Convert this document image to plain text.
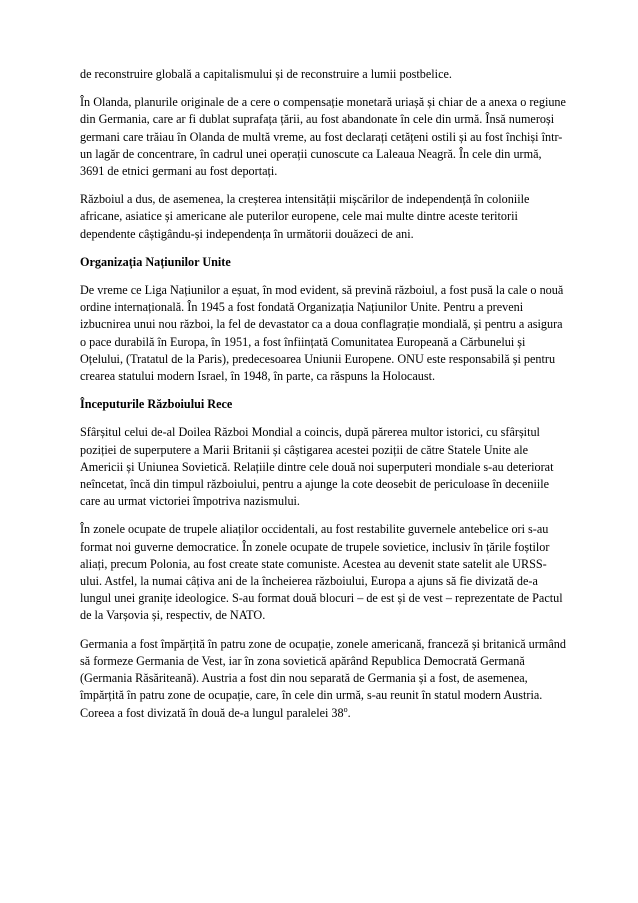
de reconstruire globală a capitalismului și de reconstruire a lumii postbelice.

În Olanda, planurile originale de a cere o compensație monetară uriașă și chiar de a anexa o regiune din Germania, care ar fi dublat suprafața țării, au fost abandonate în cele din urmă. Însă numeroși germani care trăiau în Olanda de multă vreme, au fost declarați cetățeni ostili și au fost închiși într-un lagăr de concentrare, în cadrul unei operații cunoscute ca Laleaua Neagră. În cele din urmă, 3691 de etnici germani au fost deportați.

Războiul a dus, de asemenea, la creșterea intensității mișcărilor de independență în coloniile africane, asiatice și americane ale puterilor europene, cele mai multe dintre aceste teritorii dependente câștigându-și independența în următorii douăzeci de ani.

Organizația Națiunilor Unite

De vreme ce Liga Națiunilor a eșuat, în mod evident, să prevină războiul, a fost pusă la cale o nouă ordine internațională. În 1945 a fost fondată Organizația Națiunilor Unite. Pentru a preveni izbucnirea unui nou război, la fel de devastator ca a doua conflagrație mondială, și pentru a asigura o pace durabilă în Europa, în 1951, a fost înființată Comunitatea Europeană a Cărbunelui și Oțelului, (Tratatul de la Paris), predecesoarea Uniunii Europene. ONU este responsabilă și pentru crearea statului modern Israel, în 1948, în parte, ca răspuns la Holocaust.

Începuturile Războiului Rece

Sfârșitul celui de-al Doilea Război Mondial a coincis, după părerea multor istorici, cu sfârșitul poziției de superputere a Marii Britanii și câștigarea acestei poziții de către Statele Unite ale Americii și Uniunea Sovietică. Relațiile dintre cele două noi superputeri mondiale s-au deteriorat neîncetat, încă din timpul războiului, pentru a ajunge la cote deosebit de periculoase în deceniile care au urmat victoriei împotriva nazismului.

În zonele ocupate de trupele aliaților occidentali, au fost restabilite guvernele antebelice ori s-au format noi guverne democratice. În zonele ocupate de trupele sovietice, inclusiv în țările foștilor aliați, precum Polonia, au fost create state comuniste. Acestea au devenit state satelit ale URSS-ului. Astfel, la numai câțiva ani de la încheierea războiului, Europa a ajuns să fie divizată de-a lungul unei granițe ideologice. S-au format două blocuri – de est și de vest – reprezentate de Pactul de la Varșovia și, respectiv, de NATO.

Germania a fost împărțită în patru zone de ocupație, zonele americană, franceză și britanică urmând să formeze Germania de Vest, iar în zona sovietică apărând Republica Democrată Germană (Germania Răsăriteană). Austria a fost din nou separată de Germania și a fost, de asemenea, împărțită în patru zone de ocupație, care, în cele din urmă, s-au reunit în statul modern Austria. Coreea a fost divizată în două de-a lungul paralelei 38$^o$.
